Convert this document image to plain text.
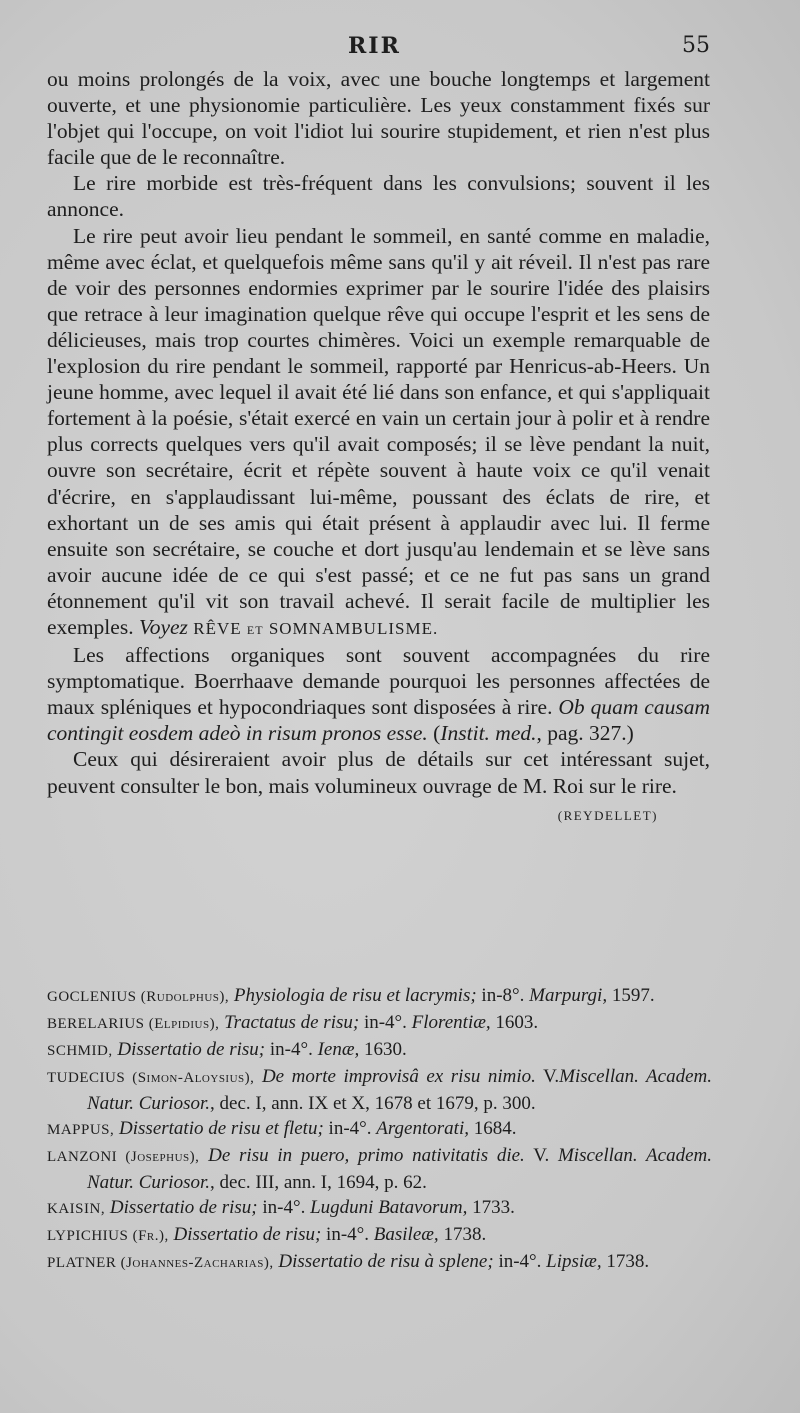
RIR	55

ou moins prolongés de la voix, avec une bouche longtemps et largement ouverte, et une physionomie particulière. Les yeux constamment fixés sur l'objet qui l'occupe, on voit l'idiot lui sourire stupidement, et rien n'est plus facile que de le reconnaître.

Le rire morbide est très-fréquent dans les convulsions; souvent il les annonce.

Le rire peut avoir lieu pendant le sommeil, en santé comme en maladie, même avec éclat, et quelquefois même sans qu'il y ait réveil. Il n'est pas rare de voir des personnes endormies exprimer par le sourire l'idée des plaisirs que retrace à leur imagination quelque rêve qui occupe l'esprit et les sens de délicieuses, mais trop courtes chimères. Voici un exemple remarquable de l'explosion du rire pendant le sommeil, rapporté par Henricus-ab-Heers. Un jeune homme, avec lequel il avait été lié dans son enfance, et qui s'appliquait fortement à la poésie, s'était exercé en vain un certain jour à polir et à rendre plus corrects quelques vers qu'il avait composés; il se lève pendant la nuit, ouvre son secrétaire, écrit et répète souvent à haute voix ce qu'il venait d'écrire, en s'applaudissant lui-même, poussant des éclats de rire, et exhortant un de ses amis qui était présent à applaudir avec lui. Il ferme ensuite son secrétaire, se couche et dort jusqu'au lendemain et se lève sans avoir aucune idée de ce qui s'est passé; et ce ne fut pas sans un grand étonnement qu'il vit son travail achevé. Il serait facile de multiplier les exemples. Voyez RÊVE et SOMNAMBULISME.

Les affections organiques sont souvent accompagnées du rire symptomatique. Boerrhaave demande pourquoi les personnes affectées de maux spléniques et hypocondriaques sont disposées à rire. Ob quam causam contingit eosdem adeò in risum pronos esse. (Instit. med., pag. 327.)

Ceux qui désireraient avoir plus de détails sur cet intéressant sujet, peuvent consulter le bon, mais volumineux ouvrage de M. Roi sur le rire.
(REYDELLET)

GOCLENIUS (Rudolphus), Physiologia de risu et lacrymis; in-8°. Marpurgi, 1597.

BERELARIUS (Elpidius), Tractatus de risu; in-4°. Florentiæ, 1603.

SCHMID, Dissertatio de risu; in-4°. Ienæ, 1630.

TUDECIUS (Simon-Aloysius), De morte improvisâ ex risu nimio. V.Miscellan. Academ. Natur. Curiosor., dec. I, ann. IX et X, 1678 et 1679, p. 300.

MAPPUS, Dissertatio de risu et fletu; in-4°. Argentorati, 1684.

LANZONI (Josephus), De risu in puero, primo nativitatis die. V. Miscellan. Academ. Natur. Curiosor., dec. III, ann. I, 1694, p. 62.

KAISIN, Dissertatio de risu; in-4°. Lugduni Batavorum, 1733.

LYPICHIUS (Fr.), Dissertatio de risu; in-4°. Basileæ, 1738.

PLATNER (Johannes-Zacharias), Dissertatio de risu à splene; in-4°. Lipsiæ, 1738.
